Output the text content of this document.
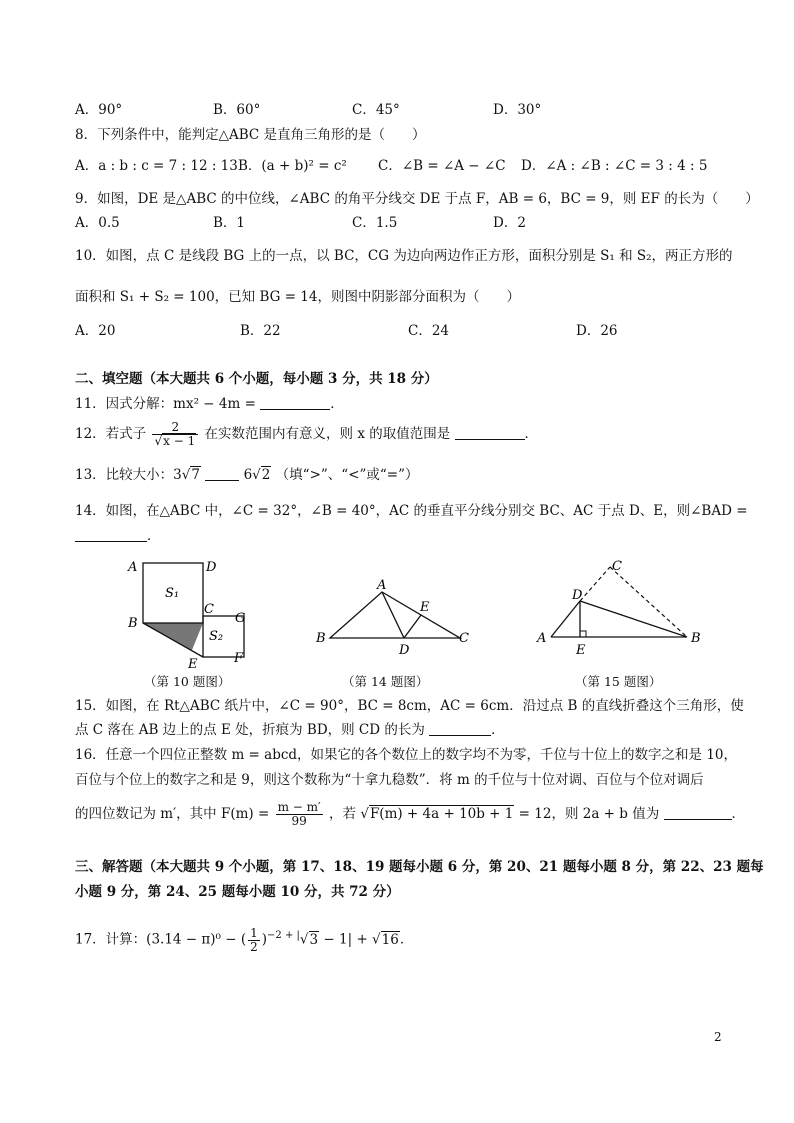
A．90°	B．60°	C．45°	D．30°
8．下列条件中，能判定△ABC 是直角三角形的是（　　）
A．a : b : c = 7 : 12 : 13 B．(a + b)² = c² C．∠B = ∠A − ∠C D．∠A : ∠B : ∠C = 3 : 4 : 5
9．如图，DE 是△ABC 的中位线，∠ABC 的角平分线交 DE 于点 F，AB = 6，BC = 9，则 EF 的长为（　　）
A．0.5	B．1	C．1.5	D．2
10．如图，点 C 是线段 BG 上的一点，以 BC，CG 为边向两边作正方形，面积分别是 S₁ 和 S₂，两正方形的
面积和 S₁ + S₂ = 100，已知 BG = 14，则图中阴影部分面积为（　　）
A．20	B．22	C．24	D．26
二、填空题（本大题共 6 个小题，每小题 3 分，共 18 分）
11．因式分解：mx² − 4m =	．
12．若式子 $\frac{2}{√x - 1}$ 在实数范围内有意义，则 x 的取值范围是	．
13．比较大小：3√7	6√2 （填“>”、“<”或“=”）
14．如图，在△ABC 中，∠C = 32°，∠B = 40°，AC 的垂直平分线分别交 BC、AC 于点 D、E，则∠BAD =
．
A	D
S₁
C
G
B
S₂
F
E
（第 10 题图）
A
E
B
D
C
（第 14 题图）
C
D
A
E
B
（第 15 题图）
15．如图，在 Rt△ABC 纸片中，∠C = 90°，BC = 8cm，AC = 6cm．沿过点 B 的直线折叠这个三角形，使
点 C 落在 AB 边上的点 E 处，折痕为 BD，则 CD 的长为	．
16．任意一个四位正整数 m = abcd，如果它的各个数位上的数字均不为零，千位与十位上的数字之和是 10，
百位与个位上的数字之和是 9，则这个数称为“十拿九稳数”．将 m 的千位与十位对调、百位与个位对调后
的四位数记为 m′，其中 $F(m) = \frac{m - m'}{99}$ ，若 √F(m) + 4a + 10b + 1 = 12，则 2a + b 值为	．
三、解答题（本大题共 9 个小题，第 17、18、19 题每小题 6 分，第 20、21 题每小题 8 分，第 22、23 题每
小题 9 分，第 24、25 题每小题 10 分，共 72 分）
17．计算：(3.14 − π)⁰ − ( $\frac{1}{2} )^{-2 + |}√3 - 1| + √16$．
2
